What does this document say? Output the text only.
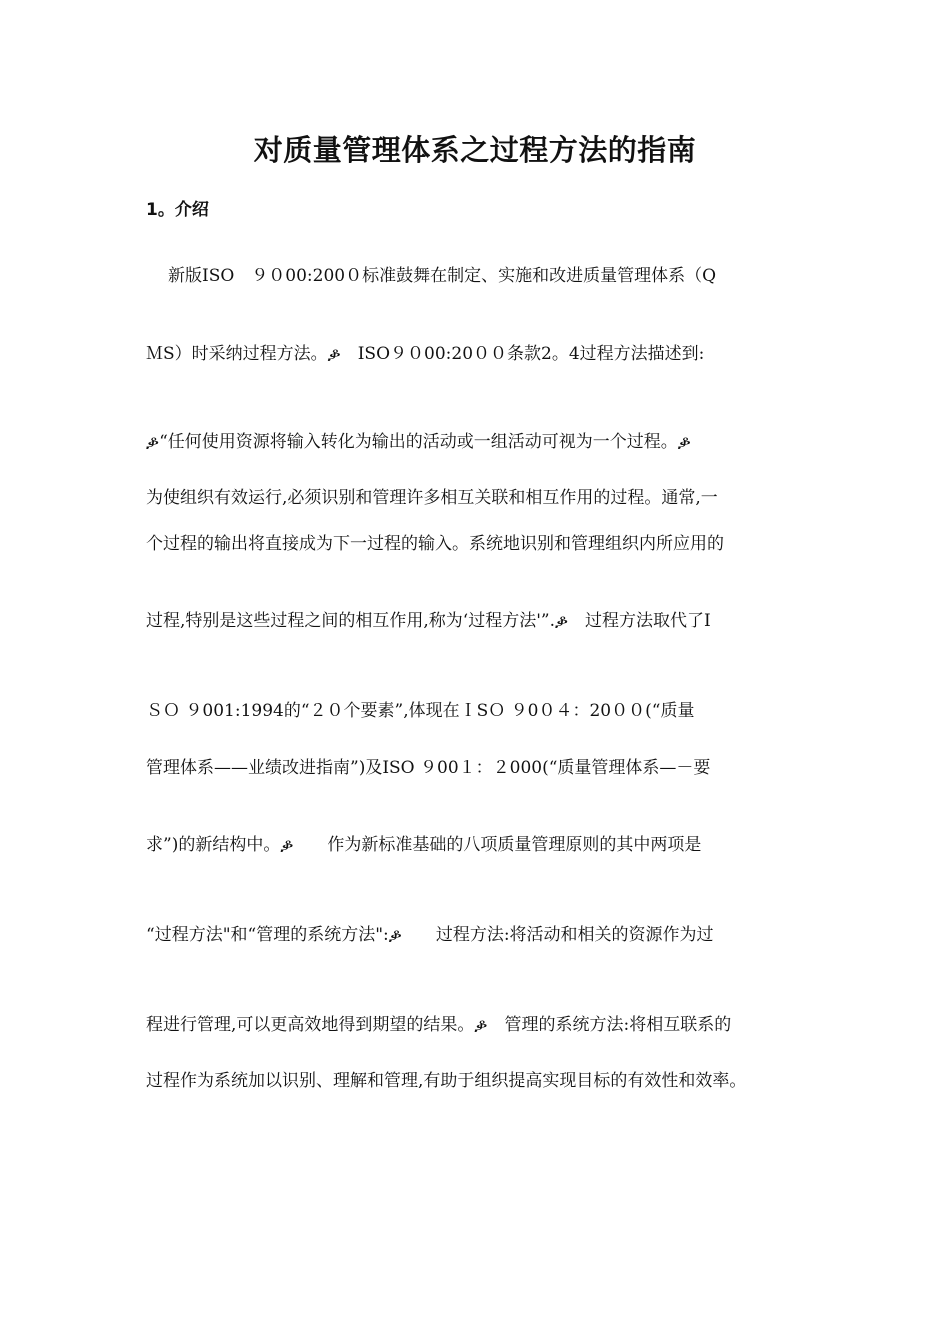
对质量管理体系之过程方法的指南
1。介绍
新版ISO　９０00:200０标准鼓舞在制定、实施和改进质量管理体系（Q
ＭS）时采纳过程方法。ቇ　ISO９０00:20００条款2。4过程方法描述到:
ቇ“任何使用资源将输入转化为输出的活动或一组活动可视为一个过程。ቇ
为使组织有效运行,必须识别和管理许多相互关联和相互作用的过程。通常,一
个过程的输出将直接成为下一过程的输入。系统地识别和管理组织内所应用的
过程,特别是这些过程之间的相互作用,称为‘过程方法'”.ቇ　过程方法取代了I
ＳＯ ９001:1994的“２０个要素”,体现在ＩSＯ ９0０４：20００(“质量
管理体系——业绩改进指南”)及ISO ９00１：２000(“质量管理体系—－要
求”)的新结构中。ቇ　　作为新标准基础的八项质量管理原则的其中两项是
“过程方法"和“管理的系统方法":ቇ　　过程方法:将活动和相关的资源作为过
程进行管理,可以更高效地得到期望的结果。ቇ　管理的系统方法:将相互联系的
过程作为系统加以识别、理解和管理,有助于组织提高实现目标的有效性和效率。
